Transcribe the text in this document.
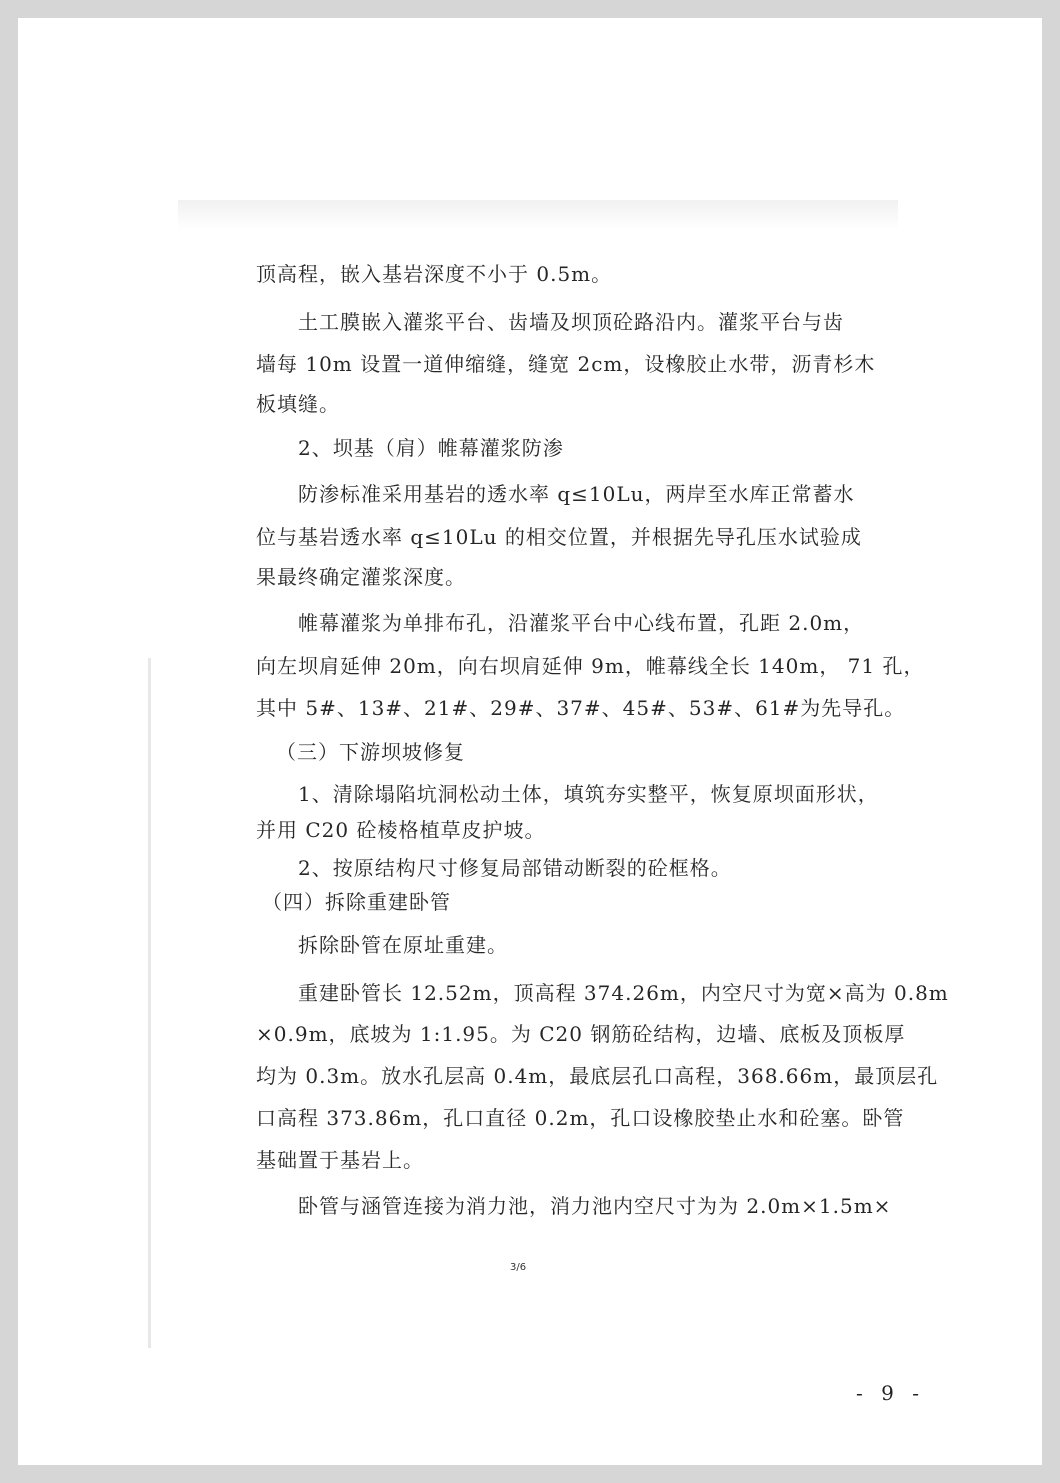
顶高程，嵌入基岩深度不小于 0.5m。
土工膜嵌入灌浆平台、齿墙及坝顶砼路沿内。灌浆平台与齿
墙每 10m 设置一道伸缩缝，缝宽 2cm，设橡胶止水带，沥青杉木
板填缝。
2、坝基（肩）帷幕灌浆防渗
防渗标准采用基岩的透水率 q≤10Lu，两岸至水库正常蓄水
位与基岩透水率 q≤10Lu 的相交位置，并根据先导孔压水试验成
果最终确定灌浆深度。
帷幕灌浆为单排布孔，沿灌浆平台中心线布置，孔距 2.0m，
向左坝肩延伸 20m，向右坝肩延伸 9m，帷幕线全长 140m， 71 孔，
其中 5#、13#、21#、29#、37#、45#、53#、61#为先导孔。
（三）下游坝坡修复
1、清除塌陷坑洞松动土体，填筑夯实整平，恢复原坝面形状，
并用 C20 砼棱格植草皮护坡。
2、按原结构尺寸修复局部错动断裂的砼框格。
（四）拆除重建卧管
拆除卧管在原址重建。
重建卧管长 12.52m，顶高程 374.26m，内空尺寸为宽×高为 0.8m
×0.9m，底坡为 1:1.95。为 C20 钢筋砼结构，边墙、底板及顶板厚
均为 0.3m。放水孔层高 0.4m，最底层孔口高程，368.66m，最顶层孔
口高程 373.86m，孔口直径 0.2m，孔口设橡胶垫止水和砼塞。卧管
基础置于基岩上。
卧管与涵管连接为消力池，消力池内空尺寸为为 2.0m×1.5m×
3/6
- 9 -
